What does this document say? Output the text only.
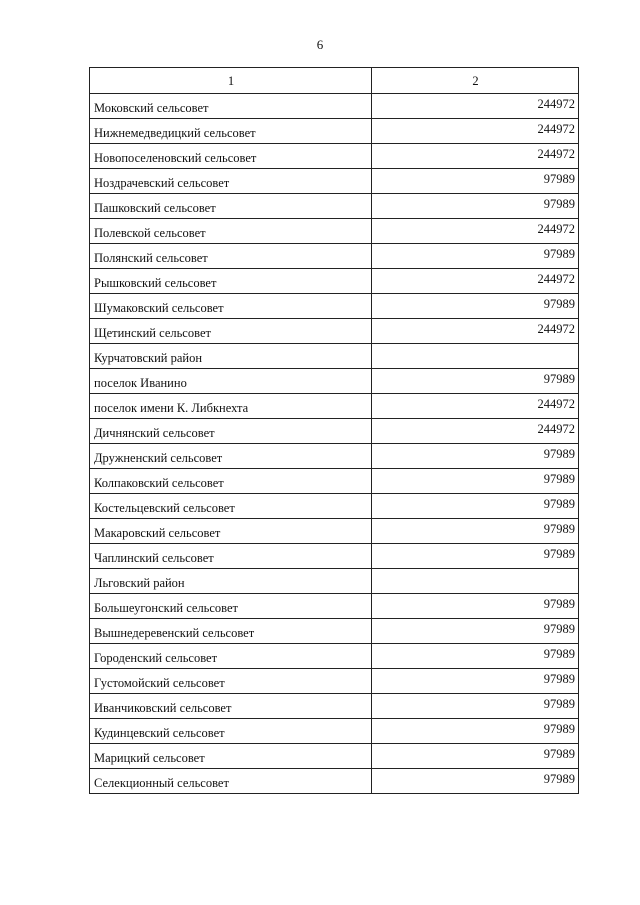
6
1	2
Моковский сельсовет	244972
Нижнемедведицкий сельсовет	244972
Новопоселеновский сельсовет	244972
Ноздрачевский сельсовет	97989
Пашковский сельсовет	97989
Полевской сельсовет	244972
Полянский сельсовет	97989
Рышковский сельсовет	244972
Шумаковский сельсовет	97989
Щетинский сельсовет	244972
Курчатовский район	
поселок Иванино	97989
поселок имени К. Либкнехта	244972
Дичнянский сельсовет	244972
Дружненский сельсовет	97989
Колпаковский сельсовет	97989
Костельцевский сельсовет	97989
Макаровский сельсовет	97989
Чаплинский сельсовет	97989
Льговский район	
Большеугонский сельсовет	97989
Вышнедеревенский сельсовет	97989
Городенский сельсовет	97989
Густомойский сельсовет	97989
Иванчиковский сельсовет	97989
Кудинцевский сельсовет	97989
Марицкий сельсовет	97989
Селекционный сельсовет	97989
